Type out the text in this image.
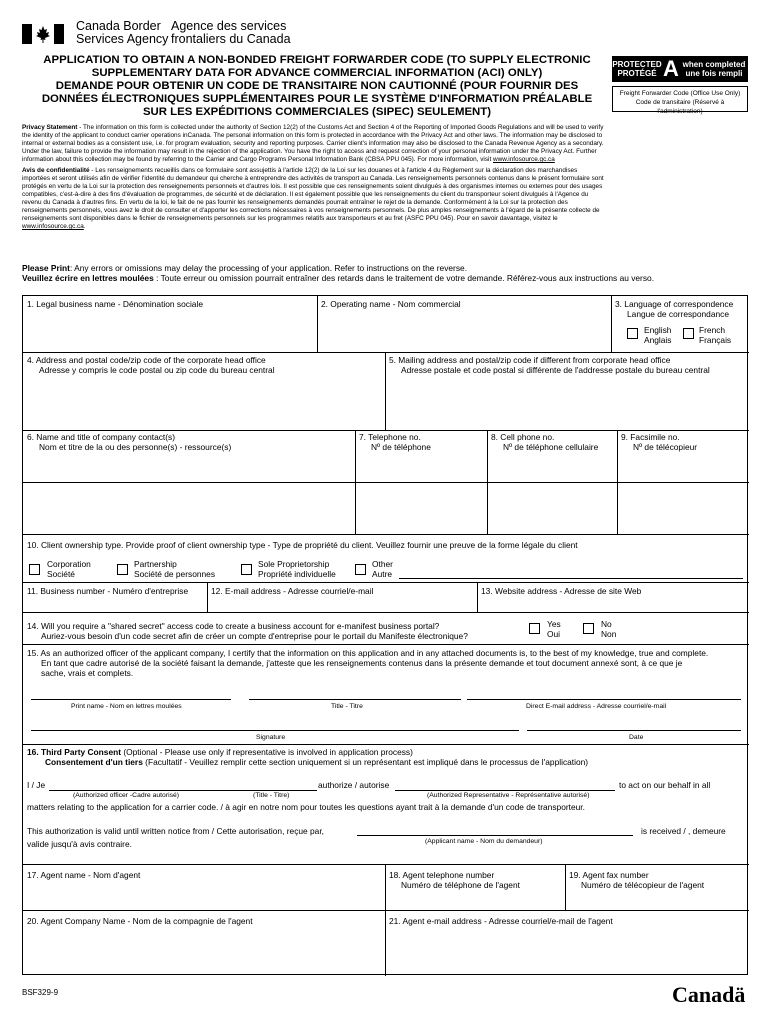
Canada Border
Services Agency
Agence des services
frontaliers du Canada
APPLICATION TO OBTAIN A NON-BONDED FREIGHT FORWARDER CODE (TO SUPPLY ELECTRONIC
SUPPLEMENTARY DATA FOR ADVANCE COMMERCIAL INFORMATION (ACI) ONLY)
DEMANDE POUR OBTENIR UN CODE DE TRANSITAIRE NON CAUTIONNÉ (POUR FOURNIR DES
DONNÉES ÉLECTRONIQUES SUPPLÉMENTAIRES POUR LE SYSTÈME D'INFORMATION PRÉALABLE
SUR LES EXPÉDITIONS COMMERCIALES (SIPEC) SEULEMENT)
PROTECTED
PROTÉGÉ A when completed
une fois rempli
Freight Forwarder Code (Office Use Only)
Code de transitaire (Réservé à l'administration)

Privacy Statement - The information on this form is collected under the authority of Section 12(2) of the Customs Act and Section 4 of the Reporting of Imported Goods Regulations and will be used to verify the identity of the applicant to conduct carrier operations inCanada. The personal information on this form is protected in accordance with the Privacy Act and other laws. The information may be disclosed to internal or external bodies as a consistent use, i.e. for program evaluation, security and reporting purposes. Carrier client's information may also be disclosed to the Canada Revenue Agency as a secondary. Under the law, failure to provide the information may result in the rejection of the application. You have the right to access and request correction of your personal information under the Privacy Act. Further information about this collection may be found by referring to the Carrier and Cargo Programs Personal Information Bank (CBSA PPU 045). For more information, visit www.infosource.gc.ca

Avis de confidentialité - Les renseignements recueillis dans ce formulaire sont assujettis à l'article 12(2) de la Loi sur les douanes et à l'article 4 du Règlement sur la déclaration des marchandises importées et seront utilisés afin de vérifier l'identité du demandeur qui cherche à entreprendre des activités de transport au Canada. Les renseignements personnels contenus dans le présent formulaire sont protégés en vertu de la Loi sur la protection des renseignements personnels et d'autres lois. Il est possible que ces renseignements soient divulgués à des organismes internes ou externes pour des usages compatibles, c'est-à-dire à des fins d'évaluation de programmes, de sécurité et de déclaration. Il est également possible que les renseignements du client du transporteur soient divulgués à l'Agence du revenu du Canada à d'autres fins. En vertu de la loi, le fait de ne pas fournir les renseignements demandés pourrait entraîner le rejet de la demande. Conformément à la Loi sur la protection des renseignements personnels, vous avez le droit de consulter et d'apporter les corrections nécessaires à vos renseignements personnels. De plus amples renseignements à l'égard de la présente collecte de renseignements sont disponibles dans le fichier de renseignements personnels sur les programmes relatifs aux transporteurs et au fret (ASFC PPU 045). Pour en savoir davantage, visitez le www.infosource.gc.ca.

Please Print: Any errors or omissions may delay the processing of your application. Refer to instructions on the reverse.
Veuillez écrire en lettres moulées : Toute erreur ou omission pourrait entraîner des retards dans le traitement de votre demande. Référez-vous aux instructions au verso.
1. Legal business name - Dénomination sociale	2. Operating name - Nom commercial	3. Language of correspondence
Langue de correspondance
English
Anglais
French
Français
4. Address and postal code/zip code of the corporate head office
Adresse y compris le code postal ou zip code du bureau central
5. Mailing address and postal/zip code if different from corporate head office
Adresse postale et code postal si différente de l'addresse postale du bureau central
6. Name and title of company contact(s)
Nom et titre de la ou des personne(s) - ressource(s)
7. Telephone no.
Nº de téléphone
8. Cell phone no.
Nº de téléphone cellulaire
9. Facsimile no.
Nº de télécopieur
10. Client ownership type. Provide proof of client ownership type - Type de propriété du client. Veuillez fournir une preuve de la forme légale du client
Corporation
Société
Partnership
Société de personnes
Sole Proprietorship
Propriété individuelle
Other
Autre
11. Business number - Numéro d'entreprise	12. E-mail address - Adresse courriel/e-mail	13. Website address - Adresse de site Web
14. Will you require a "shared secret" access code to create a business account for e-manifest business portal?
Auriez-vous besoin d'un code secret afin de créer un compte d'entreprise pour le portail du Manifeste électronique?
Yes
Oui
No
Non
15. As an authorized officer of the applicant company, I certify that the information on this application and in any attached documents is, to the best of my knowledge, true and complete.
En tant que cadre autorisé de la société faisant la demande, j'atteste que les renseignements contenus dans la présente demande et tout document annexé sont, à ce que je
sache, vrais et complets.
Print name - Nom en lettres moulées	Title - Titre	Direct E-mail address - Adresse courriel/e-mail
Signature	Date
16. Third Party Consent (Optional - Please use only if representative is involved in application process)
Consentement d'un tiers (Facultatif - Veuillez remplir cette section uniquement si un représentant est impliqué dans le processus de l'application)
I / Je	authorize / autorise	to act on our behalf in all
(Authorized officer -Cadre autorisé)	(Title - Titre)	(Authorized Representative - Représentative autorisé)
matters relating to the application for a carrier code. / à agir en notre nom pour toutes les questions ayant trait à la demande d'un code de transporteur.
This authorization is valid until written notice from / Cette autorisation, reçue par,	is received / , demeure
valide jusqu'à avis contraire.	(Applicant name - Nom du demandeur)
17. Agent name - Nom d'agent	18. Agent telephone number
Numéro de téléphone de l'agent
19. Agent fax number
Numéro de télécopieur de l'agent
20. Agent Company Name - Nom de la compagnie de l'agent	21. Agent e-mail address - Adresse courriel/e-mail de l'agent
BSF329-9	Canadä
